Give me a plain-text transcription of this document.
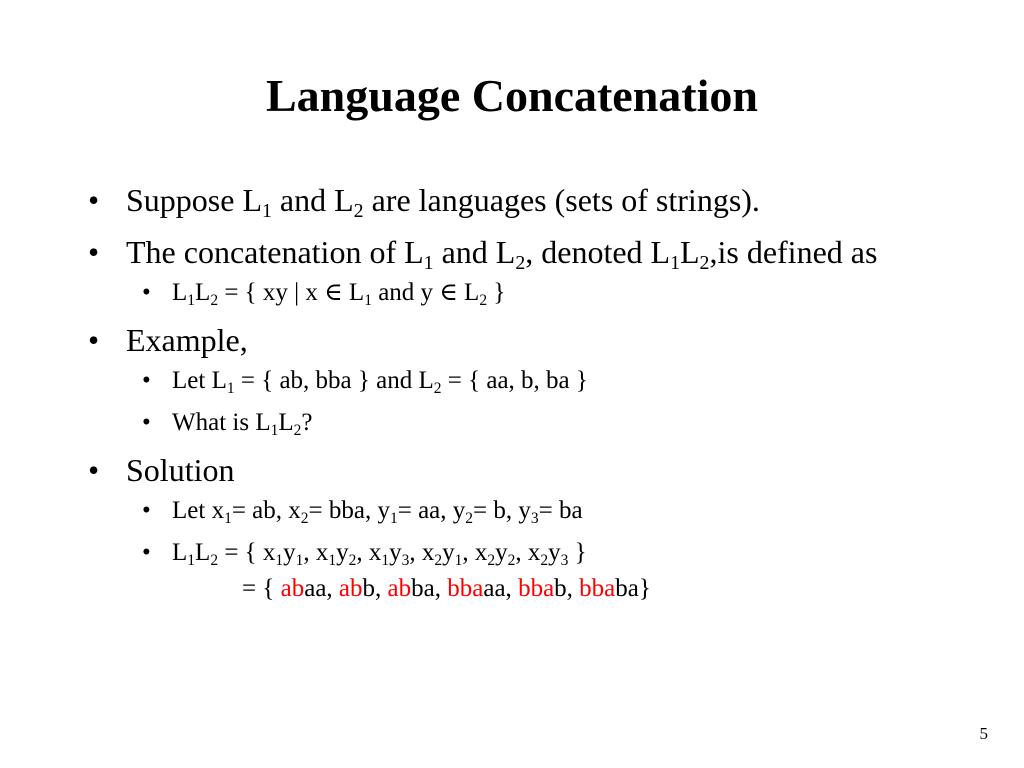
Language Concatenation
• Suppose $L_1$ and $L_2$ are languages (sets of strings).
• The concatenation of $L_1$ and $L_2$, denoted $L_1L_2,is$ defined as
• $L_1L_2$ = { xy | x ∈ $L_1$ and y ∈ $L_2$ }
• Example,
• Let $L_1$ = { ab, bba } and $L_2$ = { aa, b, ba }
• What is $L_1L_2$?
• Solution
• Let $x_1=$ ab, $x_2=$ bba, $y_1=$ aa, $y_2= b$, $y_3=$ ba
• $L_1L_2$ = { $x_1y_1$, $x_1y_2$, $x_1y_3$, $x_2y_1$, $x_2y_2$, $x_2y_3$ }
= { abaa, abb, abba, bbaaa, bbab, bbaba}
5
